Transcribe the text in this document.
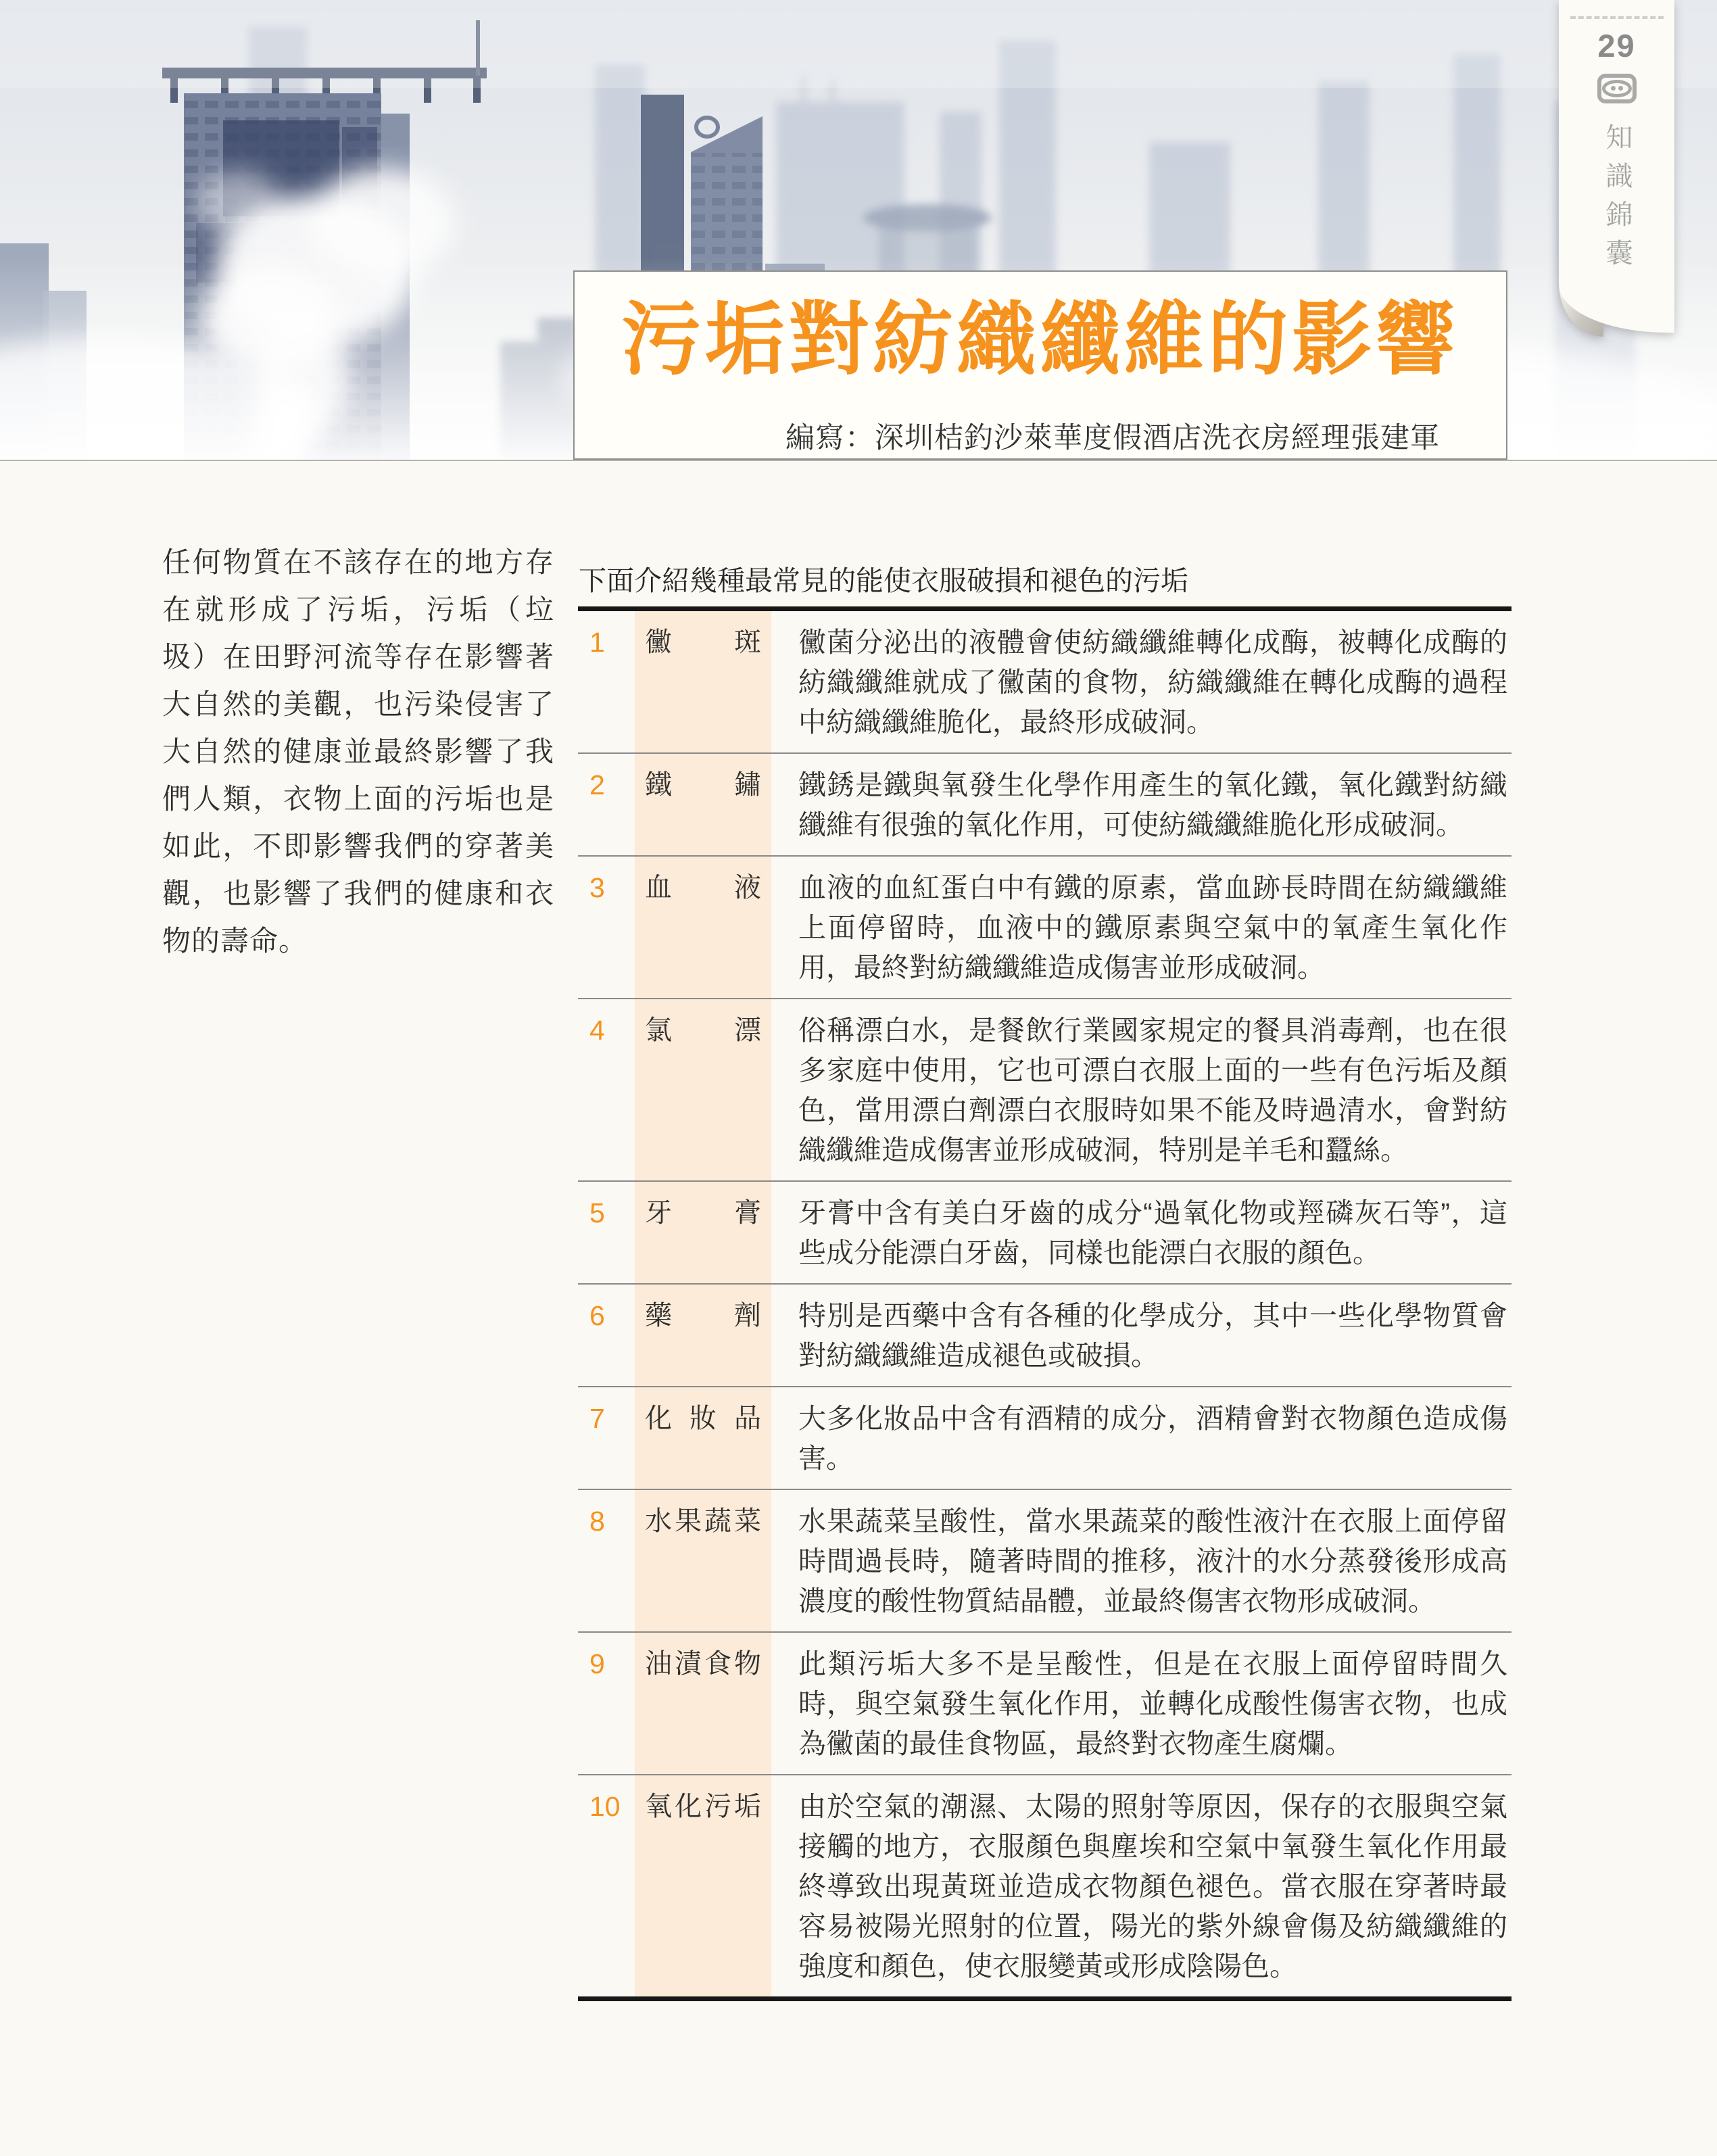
污垢對紡織纖維的影響
編寫：深圳桔釣沙萊華度假酒店洗衣房經理張建軍
29
知識錦囊
任何物質在不該存在的地方存在就形成了污垢，污垢（垃圾）在田野河流等存在影響著大自然的美觀，也污染侵害了大自然的健康並最終影響了我們人類，衣物上面的污垢也是如此，不即影響我們的穿著美觀，也影響了我們的健康和衣物的壽命。
下面介紹幾種最常見的能使衣服破損和褪色的污垢
1	黴 斑	黴菌分泌出的液體會使紡織纖維轉化成酶，被轉化成酶的紡織纖維就成了黴菌的食物，紡織纖維在轉化成酶的過程中紡織纖維脆化，最終形成破洞。
2	鐵 鏽	鐵銹是鐵與氧發生化學作用產生的氧化鐵，氧化鐵對紡織纖維有很強的氧化作用，可使紡織纖維脆化形成破洞。
3	血 液	血液的血紅蛋白中有鐵的原素，當血跡長時間在紡織纖維上面停留時，血液中的鐵原素與空氣中的氧產生氧化作用，最終對紡織纖維造成傷害並形成破洞。
4	氯 漂	俗稱漂白水，是餐飲行業國家規定的餐具消毒劑，也在很多家庭中使用，它也可漂白衣服上面的一些有色污垢及顏色，當用漂白劑漂白衣服時如果不能及時過清水，會對紡織纖維造成傷害並形成破洞，特別是羊毛和蠶絲。
5	牙 膏	牙膏中含有美白牙齒的成分“過氧化物或羥磷灰石等”，這些成分能漂白牙齒，同樣也能漂白衣服的顏色。
6	藥 劑	特別是西藥中含有各種的化學成分，其中一些化學物質會對紡織纖維造成褪色或破損。
7	化 妝 品	大多化妝品中含有酒精的成分，酒精會對衣物顏色造成傷害。
8	水 果 蔬 菜	水果蔬菜呈酸性，當水果蔬菜的酸性液汁在衣服上面停留時間過長時，隨著時間的推移，液汁的水分蒸發後形成高濃度的酸性物質結晶體，並最終傷害衣物形成破洞。
9	油 漬 食 物	此類污垢大多不是呈酸性，但是在衣服上面停留時間久時，與空氣發生氧化作用，並轉化成酸性傷害衣物，也成為黴菌的最佳食物區，最終對衣物產生腐爛。
10 氧 化 污 垢	由於空氣的潮濕、太陽的照射等原因，保存的衣服與空氣接觸的地方，衣服顏色與塵埃和空氣中氧發生氧化作用最終導致出現黃斑並造成衣物顏色褪色。當衣服在穿著時最容易被陽光照射的位置，陽光的紫外線會傷及紡織纖維的強度和顏色，使衣服變黃或形成陰陽色。
